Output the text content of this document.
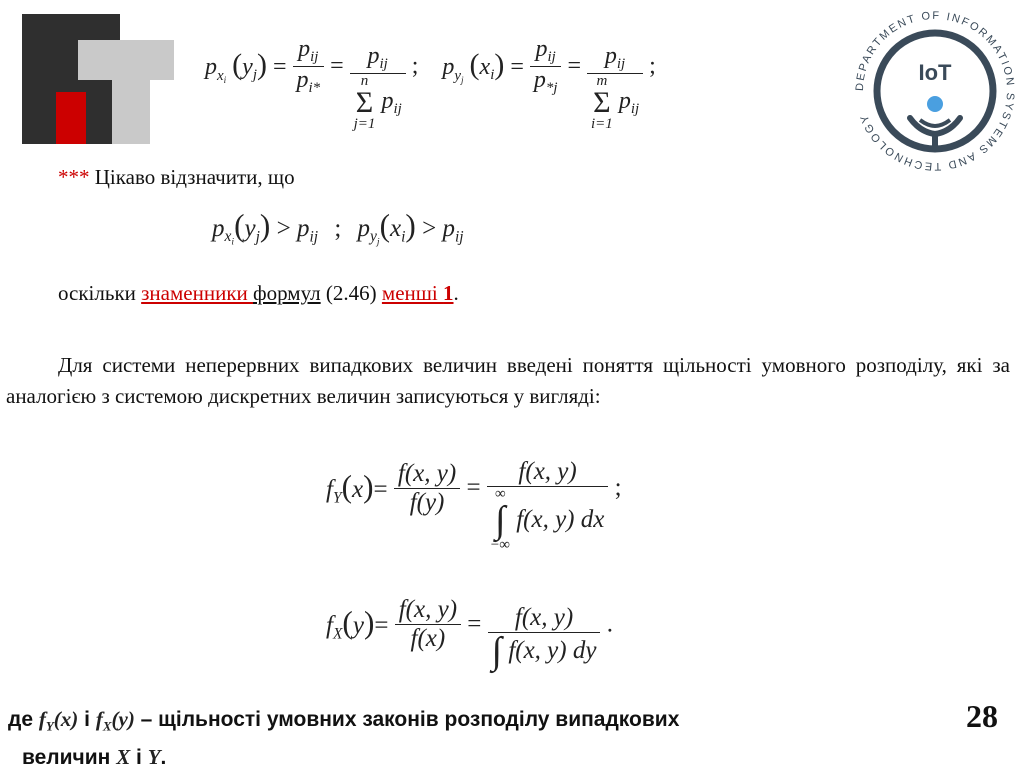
DEPARTMENT OF INFORMATION SYSTEMS AND TECHNOLOGY
IoT
$p_{x_i}$ $(y_j) = \frac{p_{ij}}{p_{i*}} = p_{ij}$
n
Σ
j=1
$p_{ij}$ ; $p_{y_j}$ $(x_i) = \frac{p_{ij}}{p_{*j}} = p_{ij}$
m
Σ
i=1
$p_{ij}$ ;
*** Цікаво відзначити, що
$p_{x_i}(y_j) > p_{ij}$ ; $p_{y_j}(x_i) > p_{ij}$
оскільки знаменники формул (2.46) менші 1.
Для системи неперервних випадкових величин введені поняття щільності умовного розподілу, які за аналогією з системою дискретних величин записуються у вигляді:
$f_Y(x)= \frac{f(x, y)}{f(y)} = f(x$, y)
∞
∫
−∞
f(x, y) dx ;
$f_X(y)= \frac{f(x, y)}{f(x)} = \frac{f(x, y)}{\int f(x, y) dy}$ .
де $f_Y(x)$ і $f_X(y)$ – щільності умовних законів розподілу випадкових
величин X і Y.
28
